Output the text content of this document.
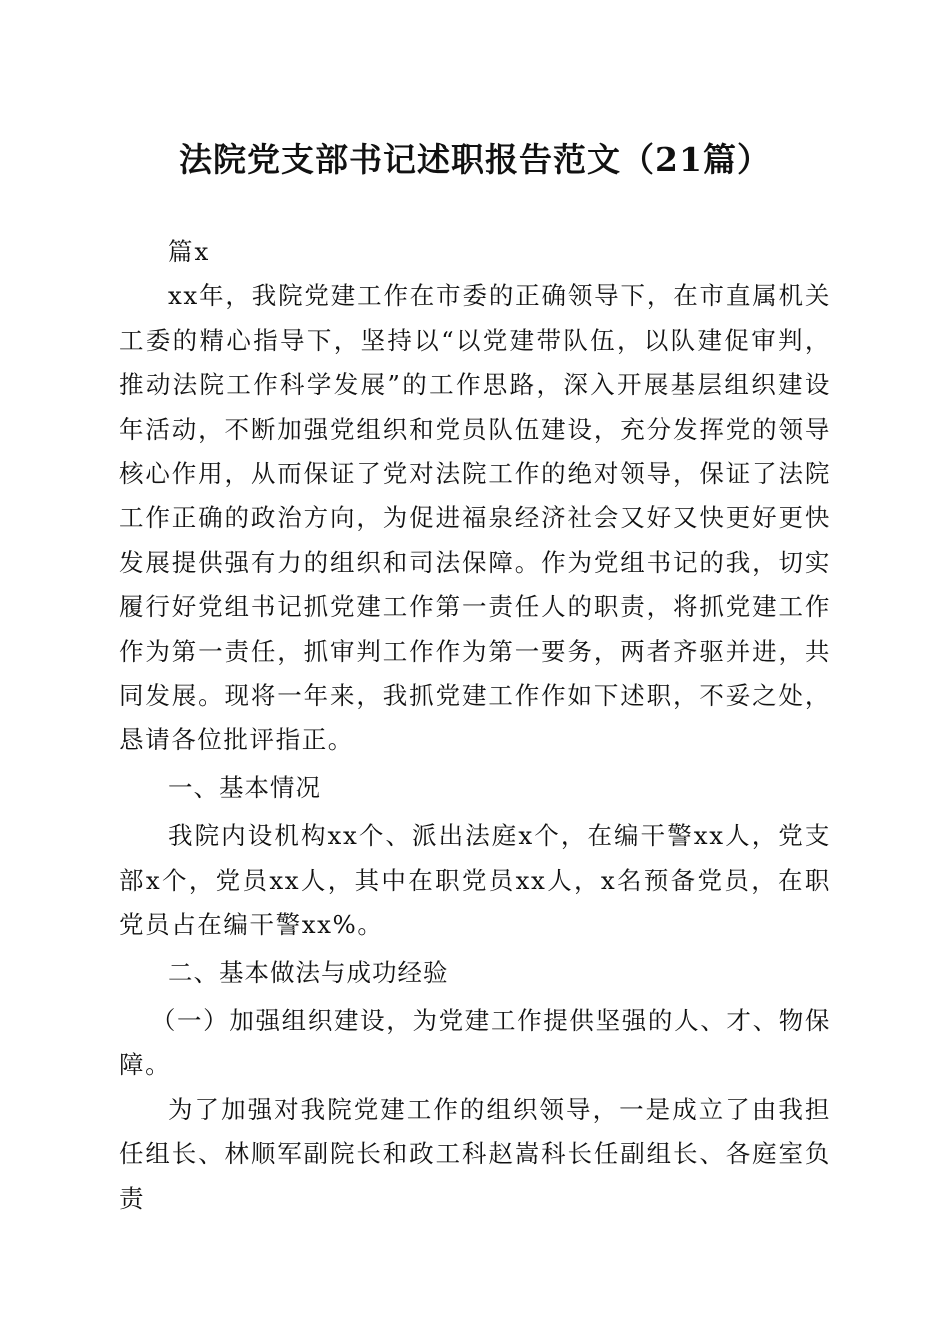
法院党支部书记述职报告范文（21篇）

篇x

xx年，我院党建工作在市委的正确领导下，在市直属机关工委的精心指导下，坚持以“以党建带队伍，以队建促审判，推动法院工作科学发展”的工作思路，深入开展基层组织建设年活动，不断加强党组织和党员队伍建设，充分发挥党的领导核心作用，从而保证了党对法院工作的绝对领导，保证了法院工作正确的政治方向，为促进福泉经济社会又好又快更好更快发展提供强有力的组织和司法保障。作为党组书记的我，切实履行好党组书记抓党建工作第一责任人的职责，将抓党建工作作为第一责任，抓审判工作作为第一要务，两者齐驱并进，共同发展。现将一年来，我抓党建工作作如下述职，不妥之处，恳请各位批评指正。

一、基本情况

我院内设机构xx个、派出法庭x个，在编干警xx人，党支部x个，党员xx人，其中在职党员xx人，x名预备党员，在职党员占在编干警xx%。

二、基本做法与成功经验

（一）加强组织建设，为党建工作提供坚强的人、才、物保障。

为了加强对我院党建工作的组织领导，一是成立了由我担任组长、林顺军副院长和政工科赵嵩科长任副组长、各庭室负责
